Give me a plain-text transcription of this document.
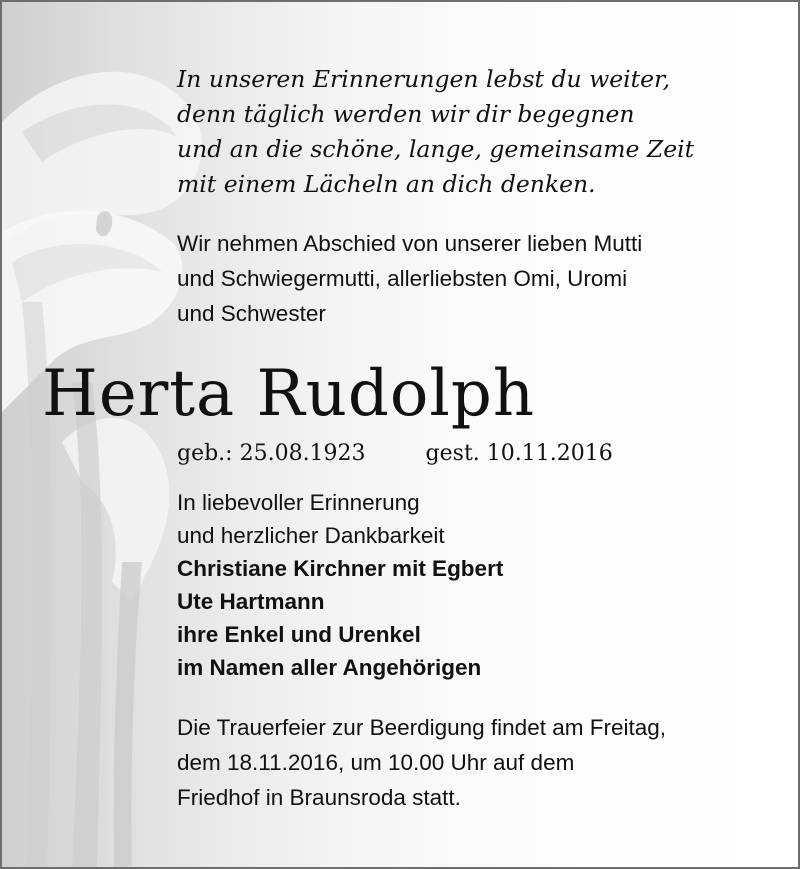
In unseren Erinnerungen lebst du weiter,
denn täglich werden wir dir begegnen
und an die schöne, lange, gemeinsame Zeit
mit einem Lächeln an dich denken.
Wir nehmen Abschied von unserer lieben Mutti
und Schwiegermutti, allerliebsten Omi, Uromi
und Schwester
Herta Rudolph
geb.: 25.08.1923	gest. 10.11.2016
In liebevoller Erinnerung
und herzlicher Dankbarkeit
Christiane Kirchner mit Egbert
Ute Hartmann
ihre Enkel und Urenkel
im Namen aller Angehörigen
Die Trauerfeier zur Beerdigung findet am Freitag,
dem 18.11.2016, um 10.00 Uhr auf dem
Friedhof in Braunsroda statt.
